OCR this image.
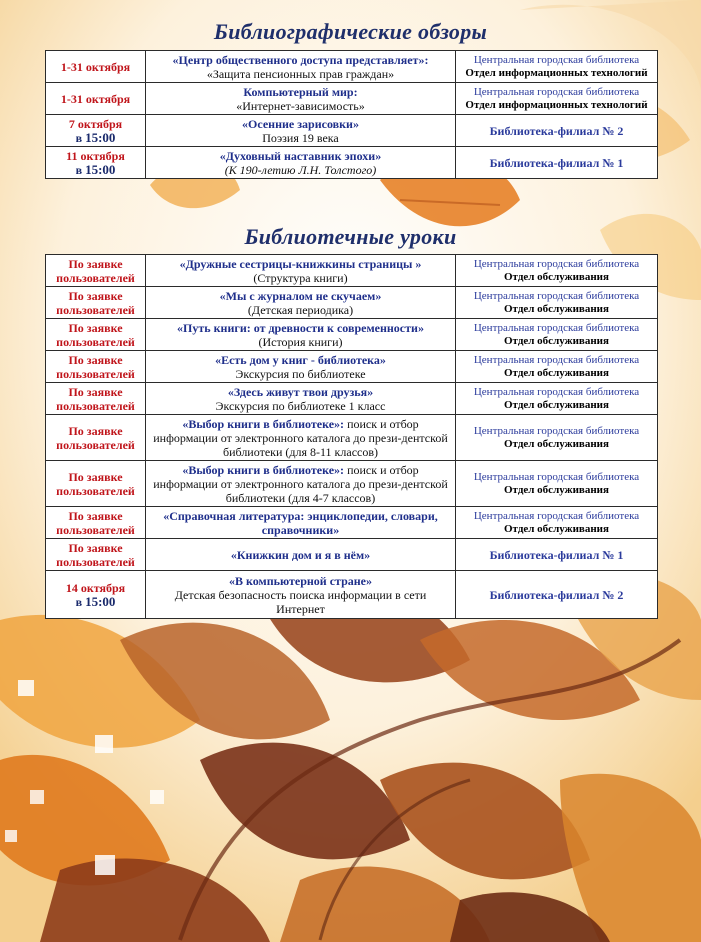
Библиографические обзоры
1-31 октября	«Центр общественного доступа представляет»:
«Защита пенсионных прав граждан»	Центральная городская библиотека
Отдел информационных технологий

1-31 октября	Компьютерный мир:
«Интернет-зависимость»	Центральная городская библиотека
Отдел информационных технологий

7 октября
в 15:00	«Осенние зарисовки»
Поэзия 19 века	Библиотека-филиал № 2

11 октября
в 15:00	«Духовный наставник эпохи»
(К 190-летию Л.Н. Толстого)	Библиотека-филиал № 1
Библиотечные уроки
По заявке пользователей	«Дружные сестрицы-книжкины страницы »
(Структура книги)	Центральная городская библиотека
Отдел обслуживания

По заявке пользователей	«Мы с журналом не скучаем»
(Детская периодика)	Центральная городская библиотека
Отдел обслуживания

По заявке пользователей	«Путь книги: от древности к современности»
(История книги)	Центральная городская библиотека
Отдел обслуживания

По заявке пользователей	«Есть дом у книг - библиотека»
Экскурсия по библиотеке	Центральная городская библиотека
Отдел обслуживания

По заявке пользователей	«Здесь живут твои друзья»
Экскурсия по библиотеке 1 класс	Центральная городская библиотека
Отдел обслуживания

По заявке пользователей	«Выбор книги в библиотеке»: поиск и отбор информации от электронного каталога до прези-дентской библиотеки (для 8-11 классов)	Центральная городская библиотека
Отдел обслуживания

По заявке пользователей	«Выбор книги в библиотеке»: поиск и отбор информации от электронного каталога до прези-дентской библиотеки (для 4-7 классов)	Центральная городская библиотека
Отдел обслуживания

По заявке пользователей	«Справочная литература: энциклопедии, словари, справочники»	Центральная городская библиотека
Отдел обслуживания

По заявке пользователей	«Книжкин дом и я в нём»	Библиотека-филиал № 1

14 октября
в 15:00	«В компьютерной стране»
Детская безопасность поиска информации в сети Интернет	Библиотека-филиал № 2
